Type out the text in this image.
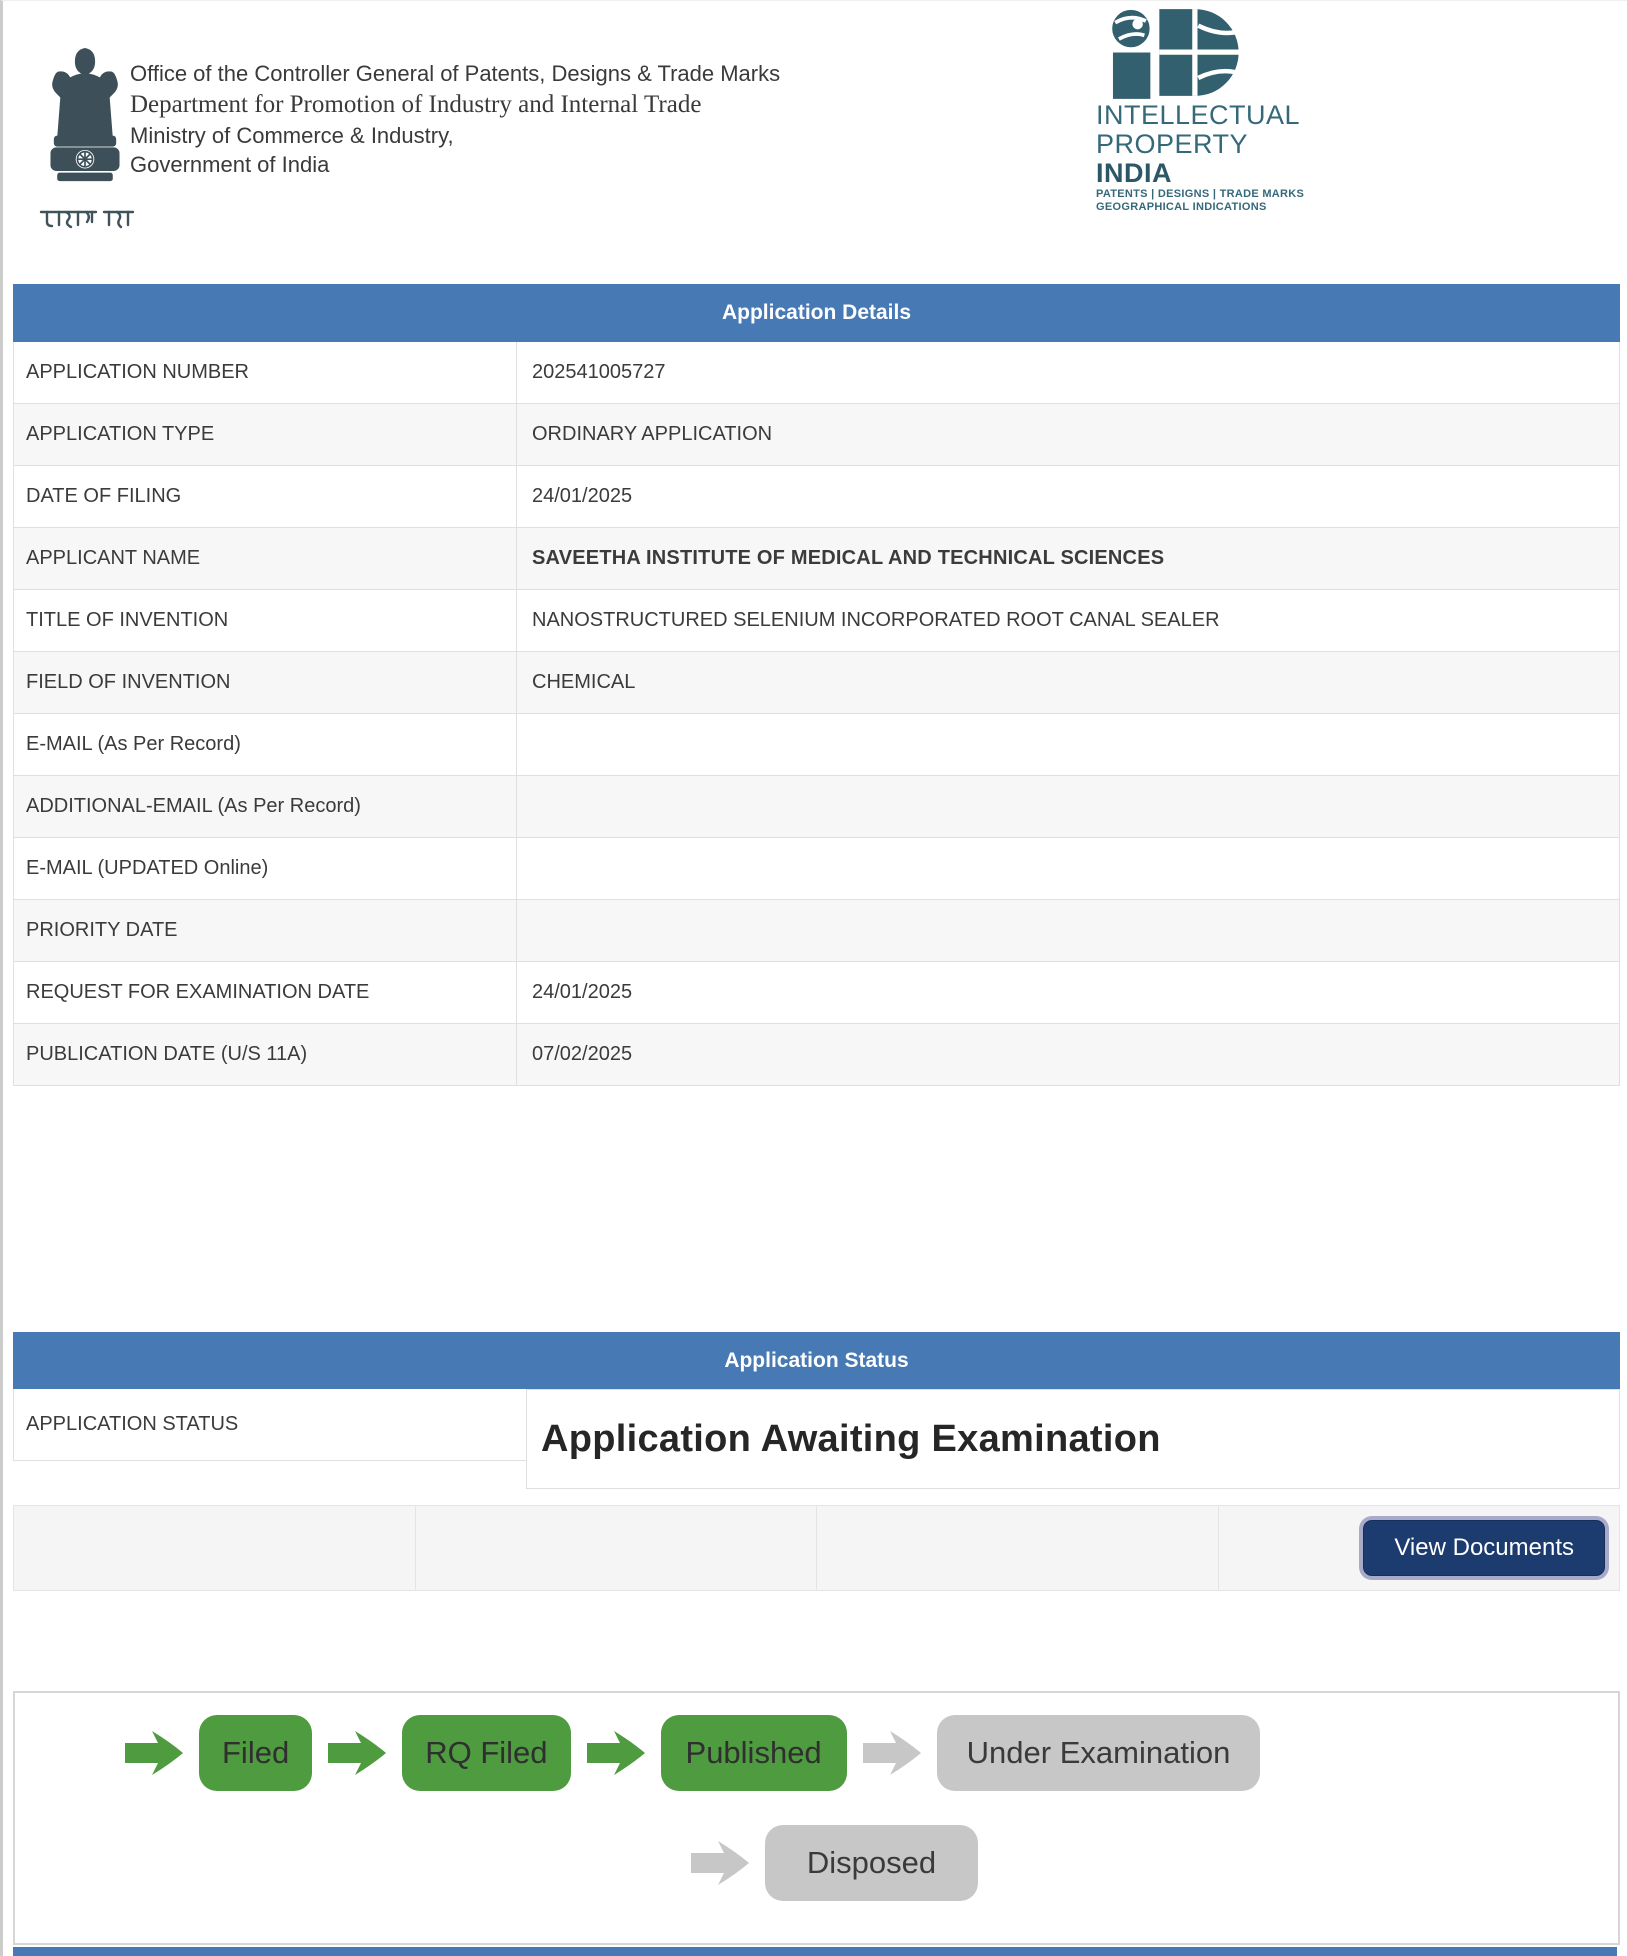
Office of the Controller General of Patents, Designs & Trade Marks
Department for Promotion of Industry and Internal Trade
Ministry of Commerce & Industry,
Government of India
INTELLECTUAL
PROPERTY INDIA
PATENTS | DESIGNS | TRADE MARKS
GEOGRAPHICAL INDICATIONS
Application Details	
APPLICATION NUMBER	202541005727
APPLICATION TYPE	ORDINARY APPLICATION
DATE OF FILING	24/01/2025
APPLICANT NAME	SAVEETHA INSTITUTE OF MEDICAL AND TECHNICAL SCIENCES
TITLE OF INVENTION	NANOSTRUCTURED SELENIUM INCORPORATED ROOT CANAL SEALER
FIELD OF INVENTION	CHEMICAL
E-MAIL (As Per Record)	
ADDITIONAL-EMAIL (As Per Record)	
E-MAIL (UPDATED Online)	
PRIORITY DATE	
REQUEST FOR EXAMINATION DATE	24/01/2025
PUBLICATION DATE (U/S 11A)	07/02/2025
Application Status
APPLICATION STATUS	Application Awaiting Examination
View Documents
Filed	RQ Filed	Published	Under Examination
Disposed
